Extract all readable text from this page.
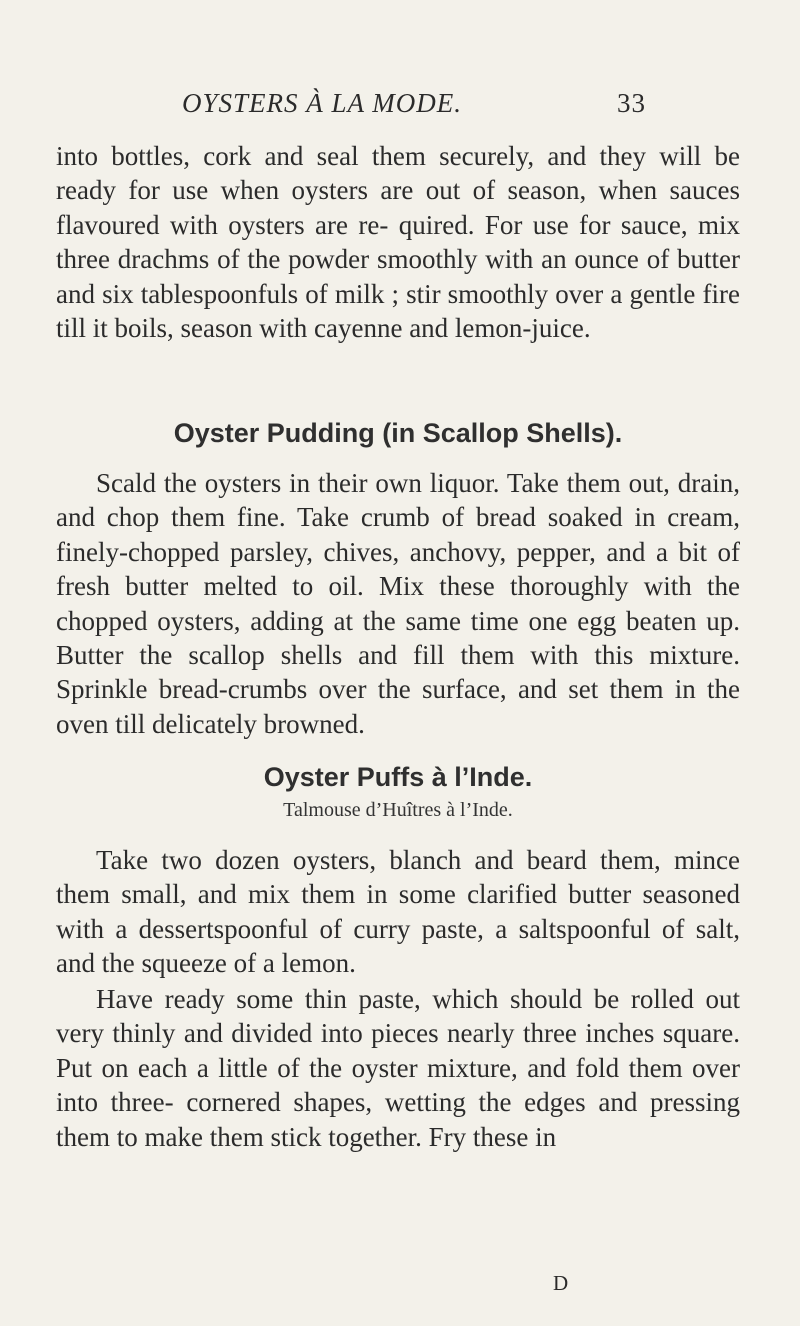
OYSTERS À LA MODE.	33
into bottles, cork and seal them securely, and they will be ready for use when oysters are out of season, when sauces flavoured with oysters are re- quired. For use for sauce, mix three drachms of the powder smoothly with an ounce of butter and six tablespoonfuls of milk ; stir smoothly over a gentle fire till it boils, season with cayenne and lemon-juice.
Oyster Pudding (in Scallop Shells).
Scald the oysters in their own liquor. Take them out, drain, and chop them fine. Take crumb of bread soaked in cream, finely-chopped parsley, chives, anchovy, pepper, and a bit of fresh butter melted to oil. Mix these thoroughly with the chopped oysters, adding at the same time one egg beaten up. Butter the scallop shells and fill them with this mixture. Sprinkle bread-crumbs over the surface, and set them in the oven till delicately browned.
Oyster Puffs à l’Inde.
Talmouse d’Huîtres à l’Inde.
Take two dozen oysters, blanch and beard them, mince them small, and mix them in some clarified butter seasoned with a dessertspoonful of curry paste, a saltspoonful of salt, and the squeeze of a lemon.
Have ready some thin paste, which should be rolled out very thinly and divided into pieces nearly three inches square. Put on each a little of the oyster mixture, and fold them over into three- cornered shapes, wetting the edges and pressing them to make them stick together. Fry these in
D
